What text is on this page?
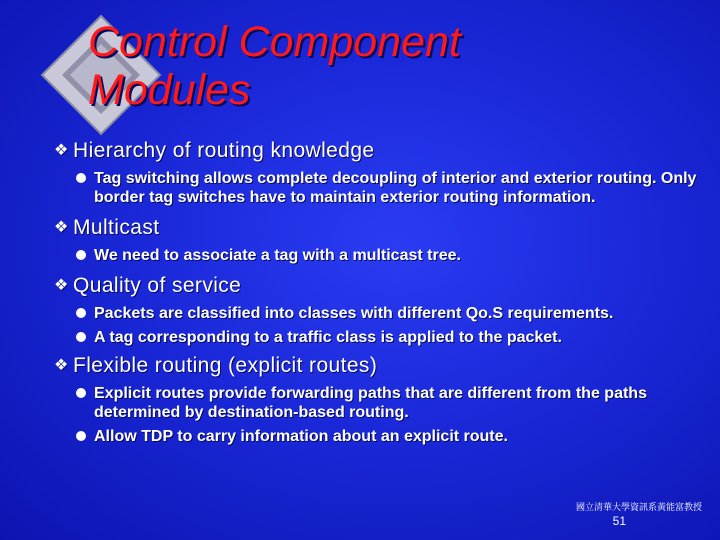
Control Component
Modules
❖ Hierarchy of routing knowledge
Tag switching allows complete decoupling of interior and exterior routing. Only border tag switches have to maintain exterior routing information.
❖ Multicast
We need to associate a tag with a multicast tree.
❖ Quality of service
Packets are classified into classes with different Qo.S requirements.
A tag corresponding to a traffic class is applied to the packet.
❖ Flexible routing (explicit routes)
Explicit routes provide forwarding paths that are different from the paths determined by destination-based routing.
Allow TDP to carry information about an explicit route.
國立清華大學資訊系黃能富教授
51
